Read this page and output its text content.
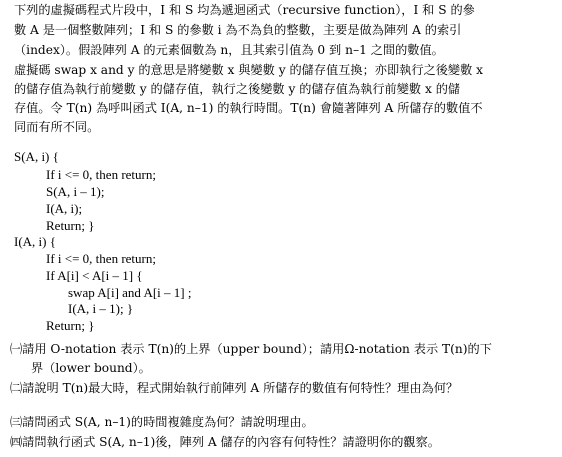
下列的虛擬碼程式片段中，I 和 S 均為遞迴函式（recursive function），I 和 S 的參
數 A 是一個整數陣列；I 和 S 的參數 i 為不為負的整數，主要是做為陣列 A 的索引
（index）。假設陣列 A 的元素個數為 n，且其索引值為 0 到 n–1 之間的數值。
虛擬碼 swap x and y 的意思是將變數 x 與變數 y 的儲存值互換；亦即執行之後變數 x
的儲存值為執行前變數 y 的儲存值，執行之後變數 y 的儲存值為執行前變數 x 的儲
存值。令 T(n) 為呼叫函式 I(A, n–1) 的執行時間。T(n) 會隨著陣列 A 所儲存的數值不
同而有所不同。
S(A, i) {
If i <= 0, then return;
S(A, i – 1);
I(A, i);
Return; }
I(A, i) {
If i <= 0, then return;
If A[i] < A[i – 1] {
swap A[i] and A[i – 1] ;
I(A, i – 1); }
Return; }
㈠請用 O-notation 表示 T(n)的上界（upper bound）；請用Ω-notation 表示 T(n)的下
界（lower bound）。
㈡請說明 T(n)最大時，程式開始執行前陣列 A 所儲存的數值有何特性？理由為何？
㈢請問函式 S(A, n–1)的時間複雜度為何？請說明理由。
㈣請問執行函式 S(A, n–1)後，陣列 A 儲存的內容有何特性？請證明你的觀察。
